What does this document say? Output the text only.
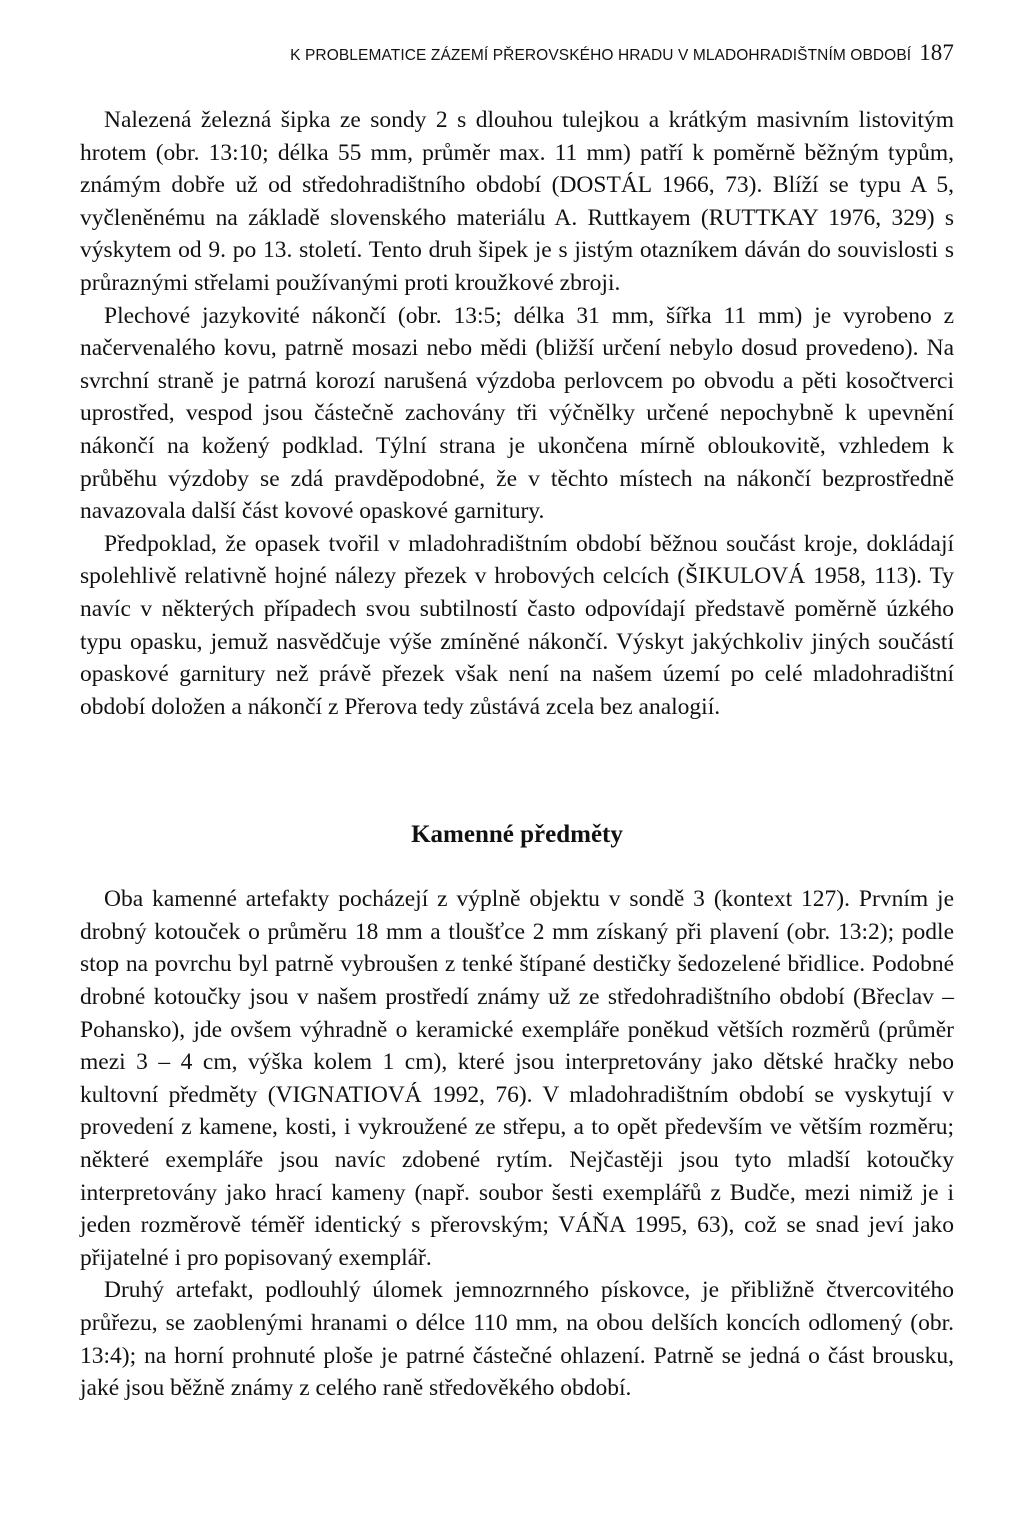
K PROBLEMATICE ZÁZEMÍ PŘEROVSKÉHO HRADU V MLADOHRADIŠTNÍM OBDOBÍ 187

Nalezená železná šipka ze sondy 2 s dlouhou tulejkou a krátkým masivním listovitým hrotem (obr. 13:10; délka 55 mm, průměr max. 11 mm) patří k poměrně běžným typům, známým dobře už od středohradištního období (DOSTÁL 1966, 73). Blíží se typu A 5, vyčleněnému na základě slovenského materiálu A. Ruttkayem (RUTTKAY 1976, 329) s výskytem od 9. po 13. století. Tento druh šipek je s jistým otazníkem dáván do souvislosti s průraznými střelami používanými proti kroužkové zbroji.

Plechové jazykovité nákončí (obr. 13:5; délka 31 mm, šířka 11 mm) je vyrobeno z načervenalého kovu, patrně mosazi nebo mědi (bližší určení nebylo dosud provedeno). Na svrchní straně je patrná korozí narušená výzdoba perlovcem po obvodu a pěti kosočtverci uprostřed, vespod jsou částečně zachovány tři výčnělky určené nepochybně k upevnění nákončí na kožený podklad. Týlní strana je ukončena mírně obloukovitě, vzhledem k průběhu výzdoby se zdá pravděpodobné, že v těchto místech na nákončí bezprostředně navazovala další část kovové opaskové garnitury.

Předpoklad, že opasek tvořil v mladohradištním období běžnou součást kroje, dokládají spolehlivě relativně hojné nálezy přezek v hrobových celcích (ŠIKULOVÁ 1958, 113). Ty navíc v některých případech svou subtilností často odpovídají představě poměrně úzkého typu opasku, jemuž nasvědčuje výše zmíněné nákončí. Výskyt jakýchkoliv jiných součástí opaskové garnitury než právě přezek však není na našem území po celé mladohradištní období doložen a nákončí z Přerova tedy zůstává zcela bez analogií.

Kamenné předměty

Oba kamenné artefakty pocházejí z výplně objektu v sondě 3 (kontext 127). Prvním je drobný kotouček o průměru 18 mm a tloušťce 2 mm získaný při plavení (obr. 13:2); podle stop na povrchu byl patrně vybroušen z tenké štípané destičky šedozelené břidlice. Podobné drobné kotoučky jsou v našem prostředí známy už ze středohradištního období (Břeclav – Pohansko), jde ovšem výhradně o keramické exempláře poněkud větších rozměrů (průměr mezi 3 – 4 cm, výška kolem 1 cm), které jsou interpretovány jako dětské hračky nebo kultovní předměty (VIGNATIOVÁ 1992, 76). V mladohradištním období se vyskytují v provedení z kamene, kosti, i vykroužené ze střepu, a to opět především ve větším rozměru; některé exempláře jsou navíc zdobené rytím. Nejčastěji jsou tyto mladší kotoučky interpretovány jako hrací kameny (např. soubor šesti exemplářů z Budče, mezi nimiž je i jeden rozměrově téměř identický s přerovským; VÁŇA 1995, 63), což se snad jeví jako přijatelné i pro popisovaný exemplář.

Druhý artefakt, podlouhlý úlomek jemnozrnného pískovce, je přibližně čtvercovitého průřezu, se zaoblenými hranami o délce 110 mm, na obou delších koncích odlomený (obr. 13:4); na horní prohnuté ploše je patrné částečné ohlazení. Patrně se jedná o část brousku, jaké jsou běžně známy z celého raně středověkého období.
